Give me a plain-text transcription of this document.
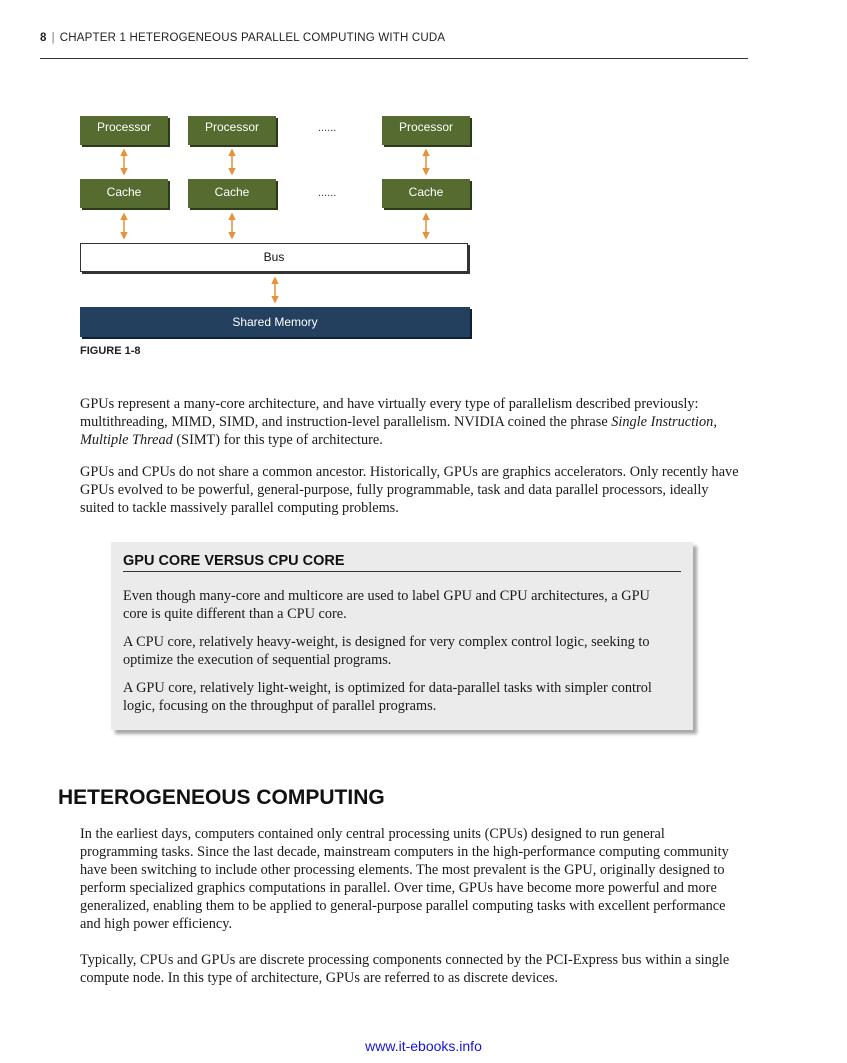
8 | CHAPTER 1 HETEROGENEOUS PARALLEL COMPUTING WITH CUDA
Processor	Processor	......	Processor
Cache	Cache	......	Cache
Bus
Shared Memory
FIGURE 1-8

GPUs represent a many-core architecture, and have virtually every type of parallelism described previously: multithreading, MIMD, SIMD, and instruction-level parallelism. NVIDIA coined the phrase Single Instruction, Multiple Thread (SIMT) for this type of architecture.

GPUs and CPUs do not share a common ancestor. Historically, GPUs are graphics accelerators. Only recently have GPUs evolved to be powerful, general-purpose, fully programmable, task and data parallel processors, ideally suited to tackle massively parallel computing problems.

GPU CORE VERSUS CPU CORE

Even though many-core and multicore are used to label GPU and CPU architectures, a GPU core is quite different than a CPU core.

A CPU core, relatively heavy-weight, is designed for very complex control logic, seeking to optimize the execution of sequential programs.

A GPU core, relatively light-weight, is optimized for data-parallel tasks with simpler control logic, focusing on the throughput of parallel programs.

HETEROGENEOUS COMPUTING

In the earliest days, computers contained only central processing units (CPUs) designed to run general programming tasks. Since the last decade, mainstream computers in the high-performance computing community have been switching to include other processing elements. The most prevalent is the GPU, originally designed to perform specialized graphics computations in parallel. Over time, GPUs have become more powerful and more generalized, enabling them to be applied to general-purpose parallel computing tasks with excellent performance and high power efficiency.

Typically, CPUs and GPUs are discrete processing components connected by the PCI-Express bus within a single compute node. In this type of architecture, GPUs are referred to as discrete devices.

www.it-ebooks.info
